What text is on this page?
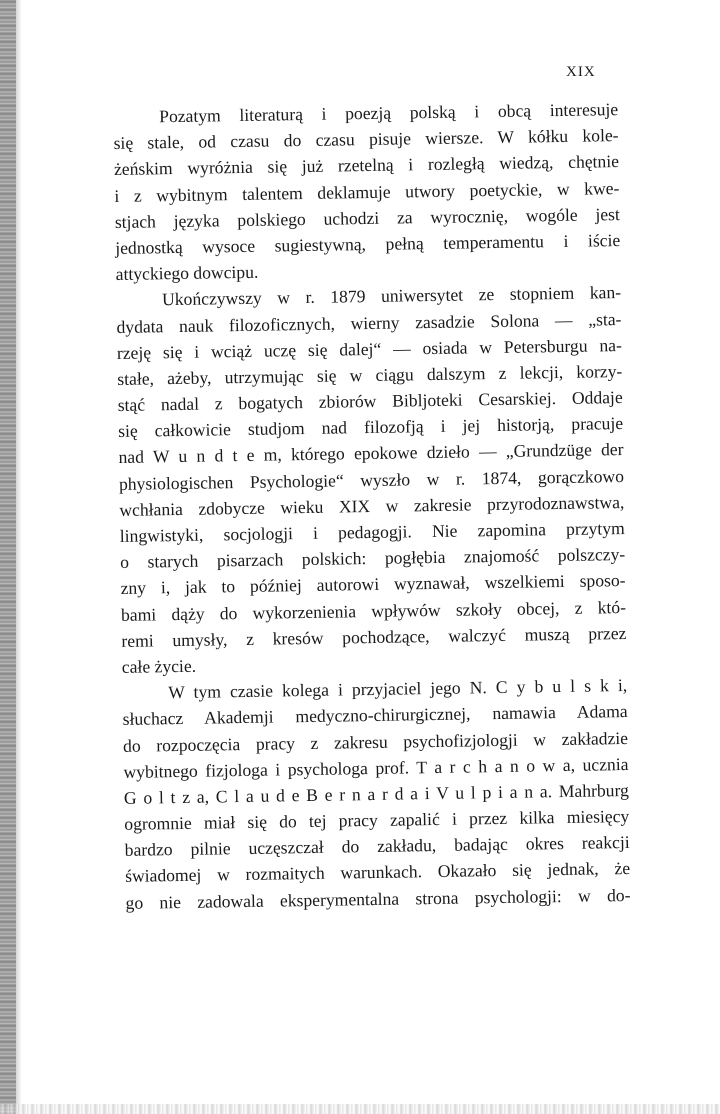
XIX
Pozatym literaturą i poezją polską i obcą interesuje
się stale, od czasu do czasu pisuje wiersze. W kółku kole-
żeńskim wyróżnia się już rzetelną i rozległą wiedzą, chętnie
i z wybitnym talentem deklamuje utwory poetyckie, w kwe-
stjach języka polskiego uchodzi za wyrocznię, wogóle jest
jednostką wysoce sugiestywną, pełną temperamentu i iście
attyckiego dowcipu.
Ukończywszy w r. 1879 uniwersytet ze stopniem kan-
dydata nauk filozoficznych, wierny zasadzie Solona — „sta-
rzeję się i wciąż uczę się dalej“ — osiada w Petersburgu na-
stałe, ażeby, utrzymując się w ciągu dalszym z lekcji, korzy-
stąć nadal z bogatych zbiorów Bibljoteki Cesarskiej. Oddaje
się całkowicie studjom nad filozofją i jej historją, pracuje
nad W u n d t e m, którego epokowe dzieło — „Grundzüge der
physiologischen Psychologie“ wyszło w r. 1874, gorączkowo
wchłania zdobycze wieku XIX w zakresie przyrodoznawstwa,
lingwistyki, socjologji i pedagogji. Nie zapomina przytym
o starych pisarzach polskich: pogłębia znajomość polszczy-
zny i, jak to później autorowi wyznawał, wszelkiemi sposo-
bami dąży do wykorzenienia wpływów szkoły obcej, z któ-
remi umysły, z kresów pochodzące, walczyć muszą przez
całe życie.
W tym czasie kolega i przyjaciel jego N. C y b u l s k i,
słuchacz Akademji medyczno-chirurgicznej, namawia Adama
do rozpoczęcia pracy z zakresu psychofizjologji w zakładzie
wybitnego fizjologa i psychologa prof. T a r c h a n o w a, ucznia
G o l t z a, C l a u d e B e r n a r d a i V u l p i a n a. Mahrburg
ogromnie miał się do tej pracy zapalić i przez kilka miesięcy
bardzo pilnie uczęszczał do zakładu, badając okres reakcji
świadomej w rozmaitych warunkach. Okazało się jednak, że
go nie zadowala eksperymentalna strona psychologji: w do-
